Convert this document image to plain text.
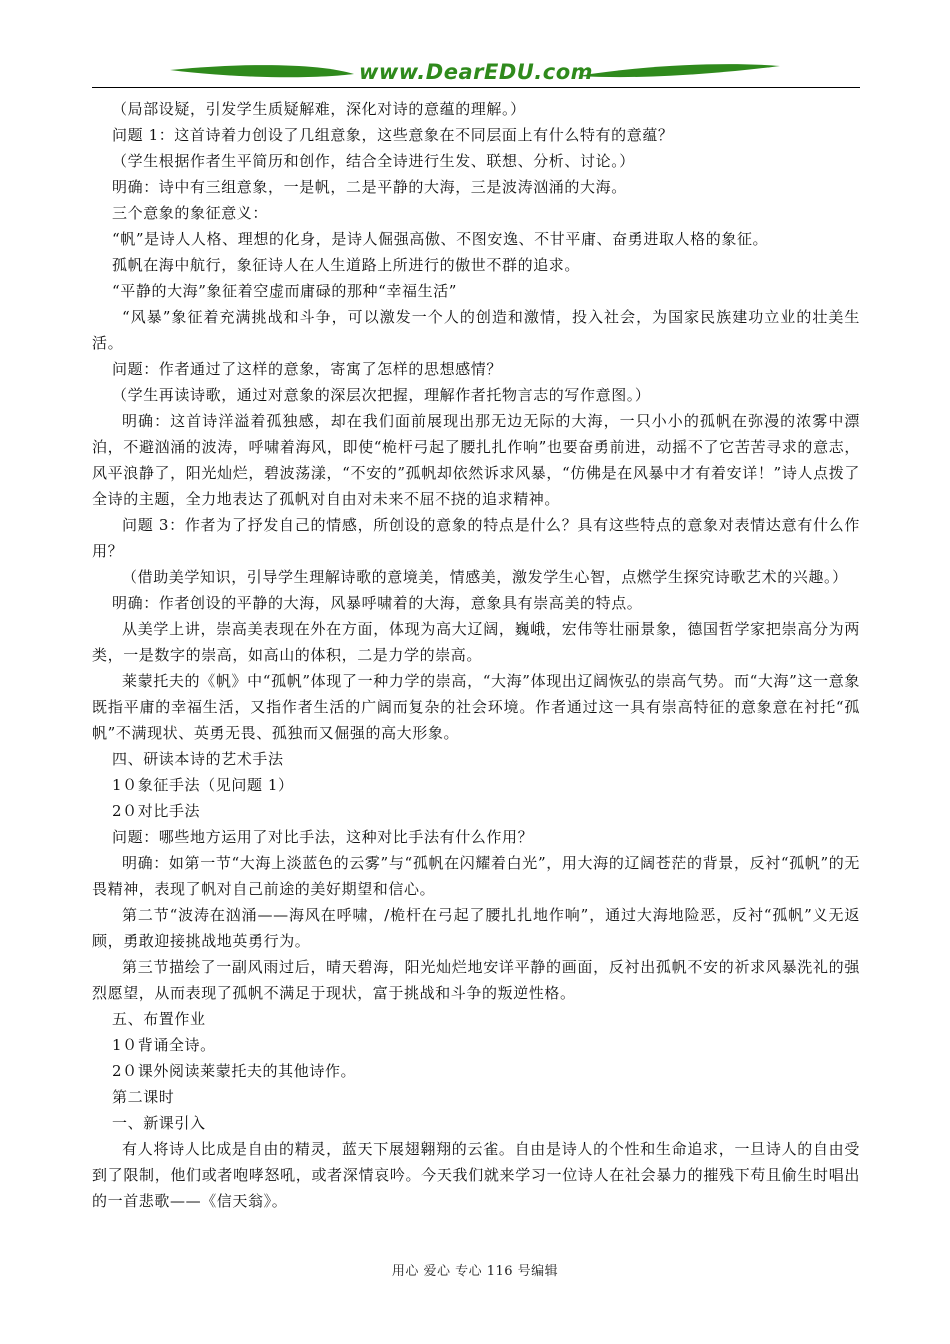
www.DearEDU.com

（局部设疑，引发学生质疑解难，深化对诗的意蕴的理解。）

问题 1：这首诗着力创设了几组意象，这些意象在不同层面上有什么特有的意蕴？

（学生根据作者生平简历和创作，结合全诗进行生发、联想、分析、讨论。）

明确：诗中有三组意象，一是帆，二是平静的大海，三是波涛汹涌的大海。

三个意象的象征意义：

“帆”是诗人人格、理想的化身，是诗人倔强高傲、不图安逸、不甘平庸、奋勇进取人格的象征。

孤帆在海中航行，象征诗人在人生道路上所进行的傲世不群的追求。

“平静的大海”象征着空虚而庸碌的那种“幸福生活”

“风暴”象征着充满挑战和斗争，可以激发一个人的创造和激情，投入社会，为国家民族建功立业的壮美生活。

问题：作者通过了这样的意象，寄寓了怎样的思想感情？

（学生再读诗歌，通过对意象的深层次把握，理解作者托物言志的写作意图。）

明确：这首诗洋溢着孤独感，却在我们面前展现出那无边无际的大海，一只小小的孤帆在弥漫的浓雾中漂泊，不避汹涌的波涛，呼啸着海风，即使“桅杆弓起了腰扎扎作响”也要奋勇前进，动摇不了它苦苦寻求的意志，风平浪静了，阳光灿烂，碧波荡漾，“不安的”孤帆却依然诉求风暴，“仿佛是在风暴中才有着安详！”诗人点拨了全诗的主题，全力地表达了孤帆对自由对未来不屈不挠的追求精神。

问题 3：作者为了抒发自己的情感，所创设的意象的特点是什么？具有这些特点的意象对表情达意有什么作用？

（借助美学知识，引导学生理解诗歌的意境美，情感美，激发学生心智，点燃学生探究诗歌艺术的兴趣。）

明确：作者创设的平静的大海，风暴呼啸着的大海，意象具有崇高美的特点。

从美学上讲，崇高美表现在外在方面，体现为高大辽阔，巍峨，宏伟等壮丽景象，德国哲学家把崇高分为两类，一是数字的崇高，如高山的体积，二是力学的崇高。

莱蒙托夫的《帆》中“孤帆”体现了一种力学的崇高，“大海”体现出辽阔恢弘的崇高气势。而“大海”这一意象既指平庸的幸福生活，又指作者生活的广阔而复杂的社会环境。作者通过这一具有崇高特征的意象意在衬托“孤帆”不满现状、英勇无畏、孤独而又倔强的高大形象。

四、研读本诗的艺术手法

1０象征手法（见问题 1）

2０对比手法

问题：哪些地方运用了对比手法，这种对比手法有什么作用？

明确：如第一节“大海上淡蓝色的云雾”与“孤帆在闪耀着白光”，用大海的辽阔苍茫的背景，反衬“孤帆”的无畏精神，表现了帆对自己前途的美好期望和信心。

第二节“波涛在汹涌——海风在呼啸，/桅杆在弓起了腰扎扎地作响”，通过大海地险恶，反衬“孤帆”义无返顾，勇敢迎接挑战地英勇行为。

第三节描绘了一副风雨过后，晴天碧海，阳光灿烂地安详平静的画面，反衬出孤帆不安的祈求风暴洗礼的强烈愿望，从而表现了孤帆不满足于现状，富于挑战和斗争的叛逆性格。

五、布置作业

1０背诵全诗。

2０课外阅读莱蒙托夫的其他诗作。

第二课时

一、新课引入

有人将诗人比成是自由的精灵，蓝天下展翅翱翔的云雀。自由是诗人的个性和生命追求，一旦诗人的自由受到了限制，他们或者咆哮怒吼，或者深情哀吟。今天我们就来学习一位诗人在社会暴力的摧残下苟且偷生时唱出的一首悲歌——《信天翁》。

用心 爱心 专心 116 号编辑
